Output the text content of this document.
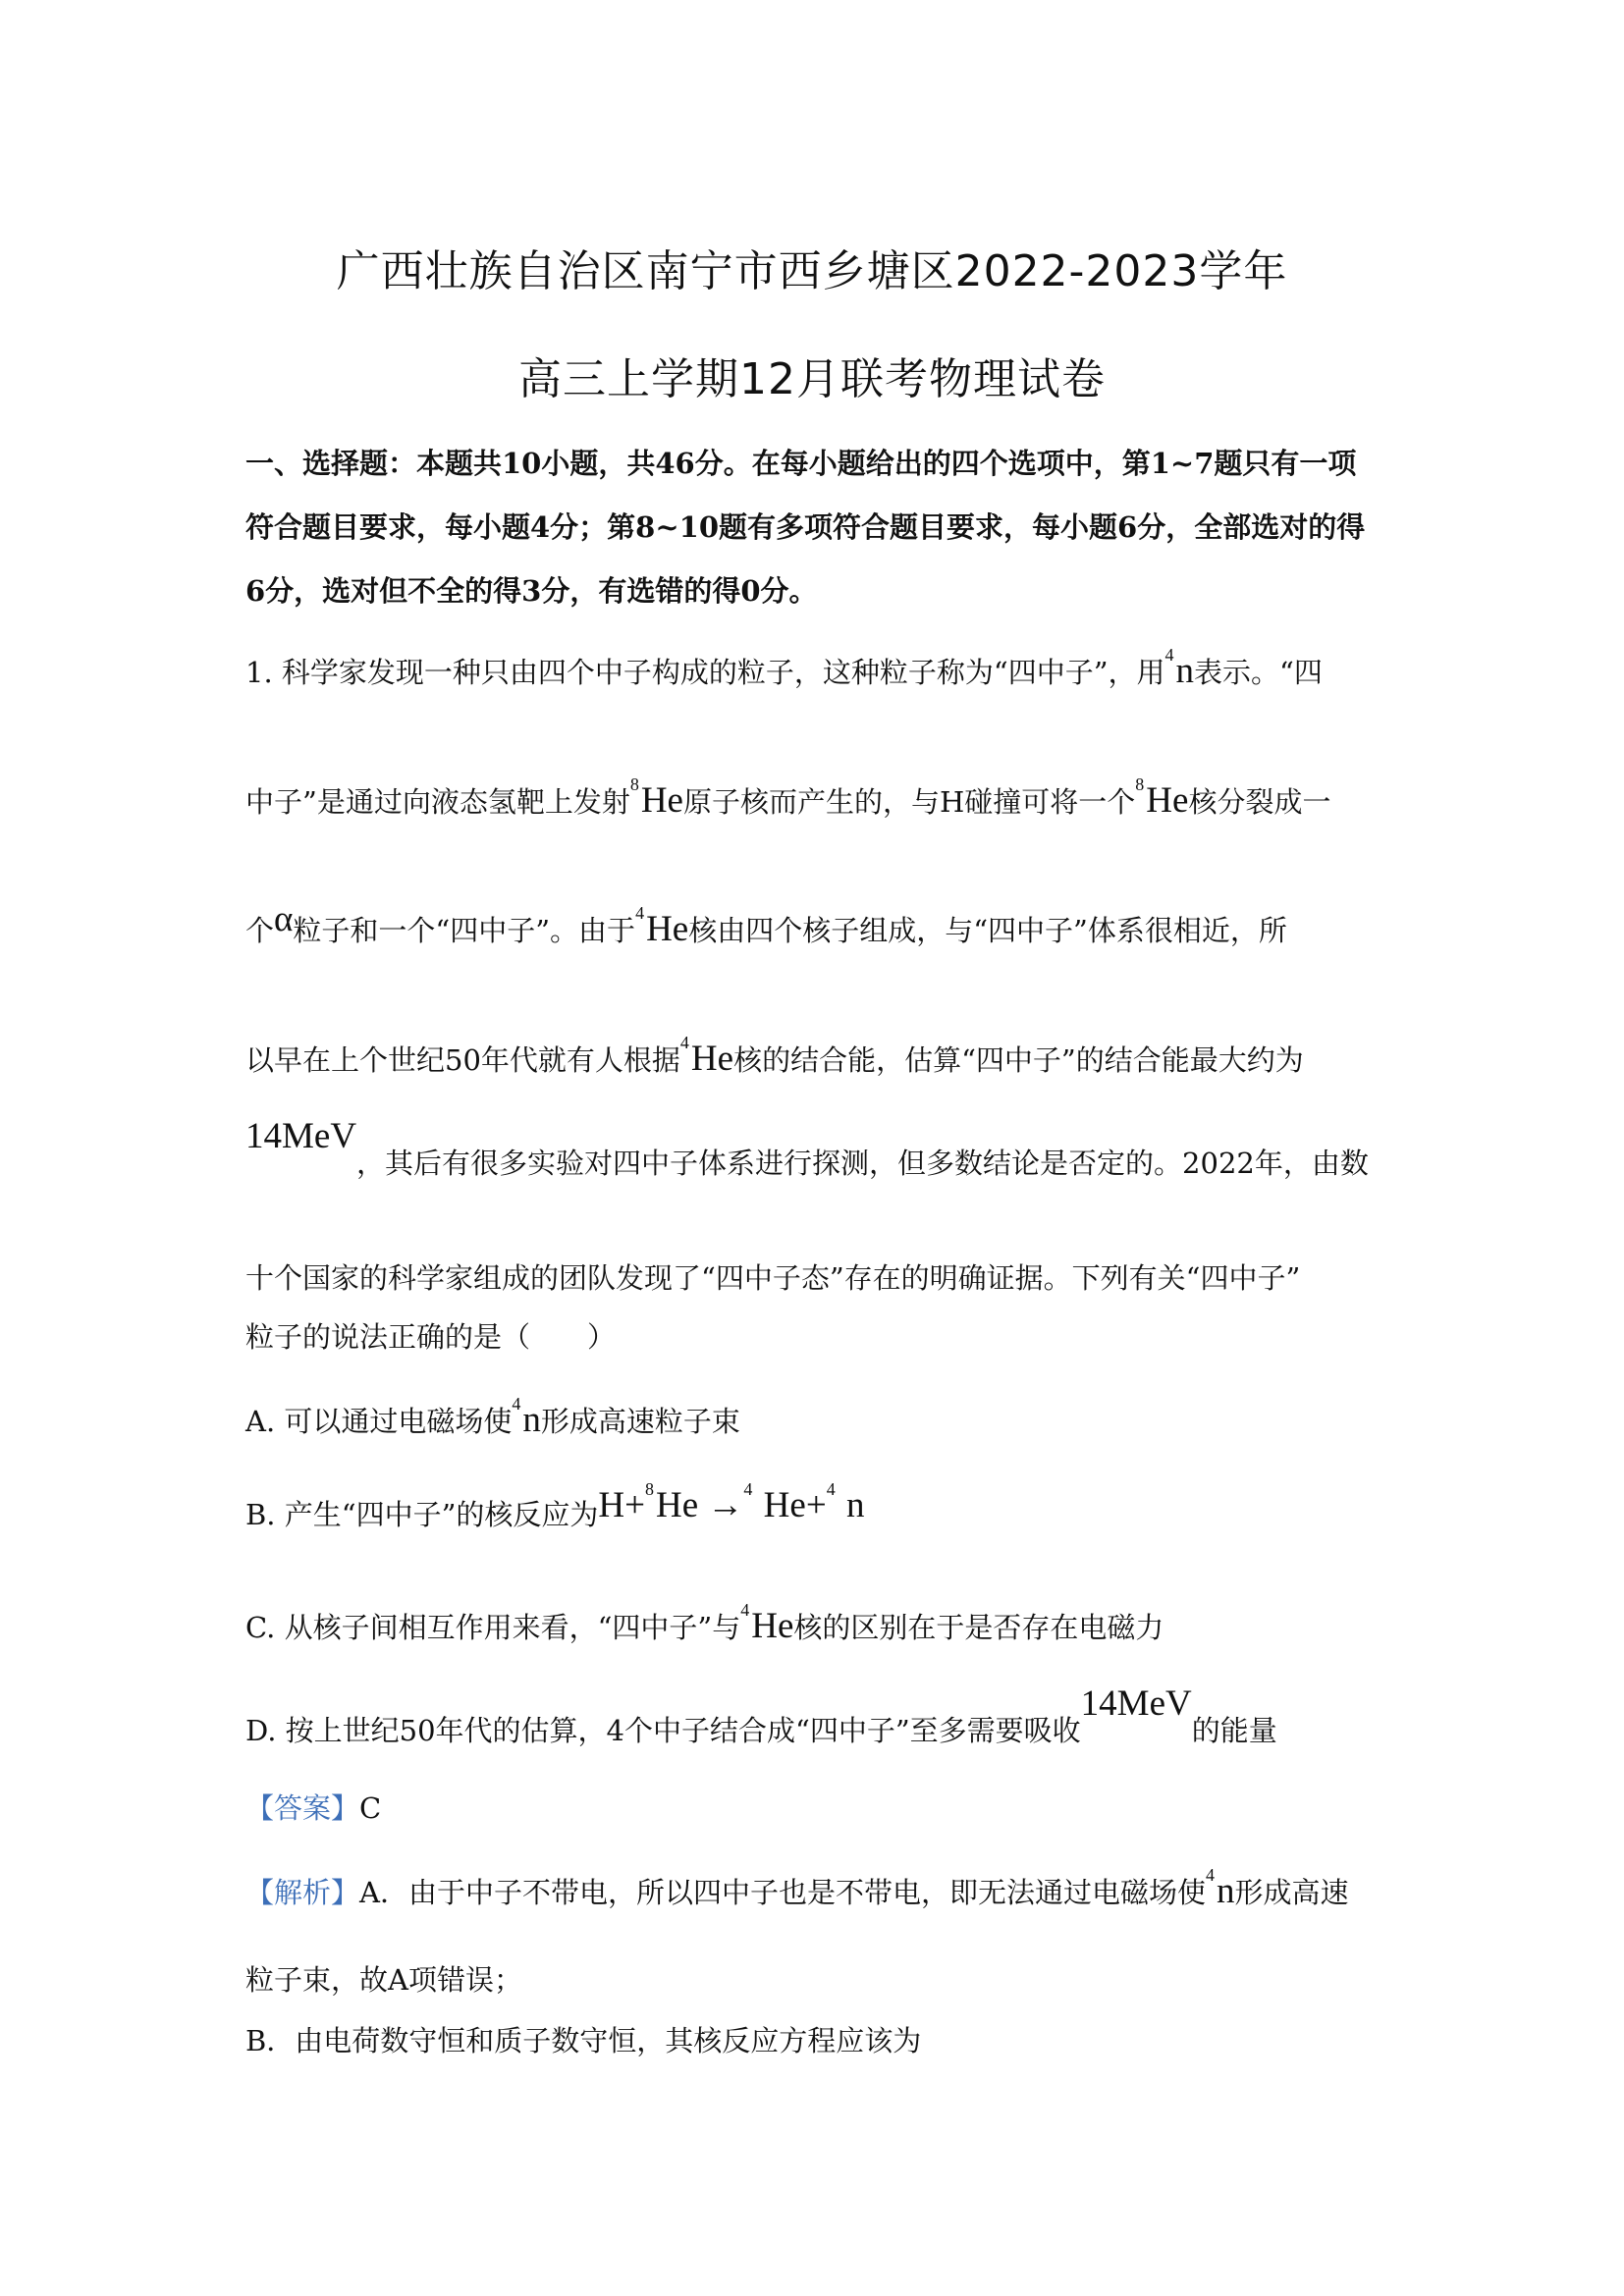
广西壮族自治区南宁市西乡塘区2022-2023学年
高三上学期12月联考物理试卷
一、选择题：本题共10小题，共46分。在每小题给出的四个选项中，第1~7题只有一项
符合题目要求，每小题4分；第8~10题有多项符合题目要求，每小题6分，全部选对的得
6分，选对但不全的得3分，有选错的得0分。
1. 科学家发现一种只由四个中子构成的粒子，这种粒子称为“四中子”，用$^4$n表示。“四
中子”是通过向液态氢靶上发射$^8$He原子核而产生的，与H碰撞可将一个$^8$He核分裂成一
个α粒子和一个“四中子”。由于$^4$He核由四个核子组成，与“四中子”体系很相近，所
以早在上个世纪50年代就有人根据$^4$He核的结合能，估算“四中子”的结合能最大约为
14MeV，其后有很多实验对四中子体系进行探测，但多数结论是否定的。2022年，由数
十个国家的科学家组成的团队发现了“四中子态”存在的明确证据。下列有关“四中子”
粒子的说法正确的是（　　）
A. 可以通过电磁场使$^4$n形成高速粒子束
B. 产生“四中子”的核反应为H+$^8$He →$^4$ He+$^4$ n
C. 从核子间相互作用来看，“四中子”与$^4$He核的区别在于是否存在电磁力
D. 按上世纪50年代的估算，4个中子结合成“四中子”至多需要吸收14MeV的能量
【答案】C
【解析】A．由于中子不带电，所以四中子也是不带电，即无法通过电磁场使$^4$n形成高速
粒子束，故A项错误；
B．由电荷数守恒和质子数守恒，其核反应方程应该为
